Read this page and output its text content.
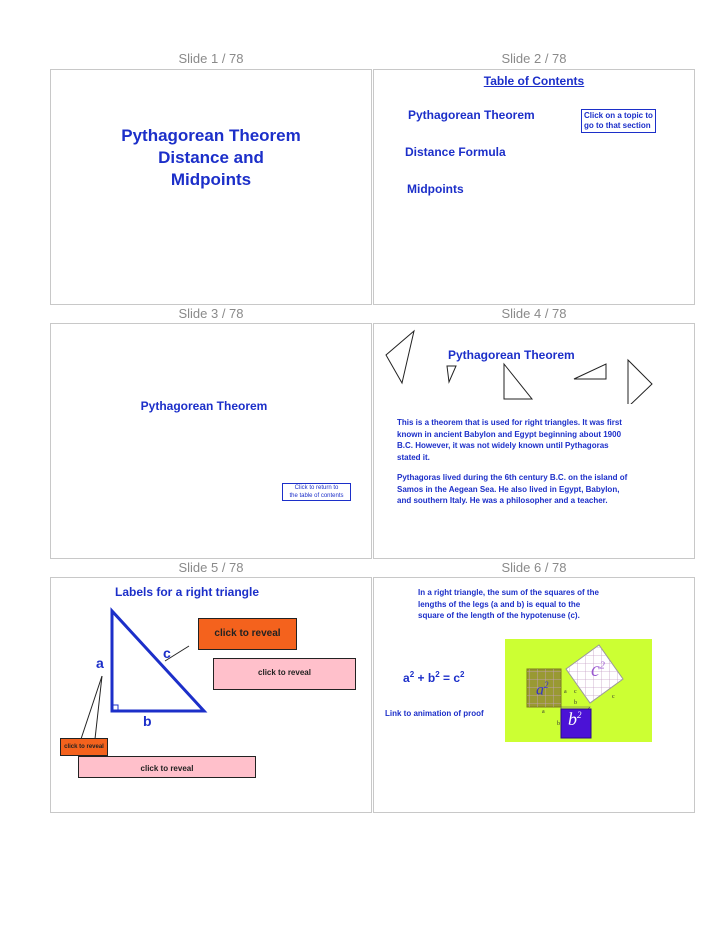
Slide 1 / 78	Slide 2 / 78
Slide 3 / 78	Slide 4 / 78
Slide 5 / 78	Slide 6 / 78
Pythagorean Theorem
Distance and
Midpoints
Table of Contents
Pythagorean Theorem
Distance Formula
Midpoints
Click on a topic to
go to that section
Pythagorean Theorem
Click to return to
the table of contents
Pythagorean Theorem
This is a theorem that is used for right triangles. It was first
known in ancient Babylon and Egypt beginning about 1900
B.C. However, it was not widely known until Pythagoras
stated it.
Pythagoras lived during the 6th century B.C. on the island of
Samos in the Aegean Sea. He also lived in Egypt, Babylon,
and southern Italy. He was a philosopher and a teacher.
Labels for a right triangle
a
b
c
click to reveal
click to reveal
click to reveal
click to reveal
In a right triangle, the sum of the squares of the
lengths of the legs (a and b) is equal to the
square of the length of the hypotenuse (c).
$a^2 + b^2 = c^2$
Link to animation of proof
$a^2$
$c^2$
$b^2$
a
a c
c
b
b
